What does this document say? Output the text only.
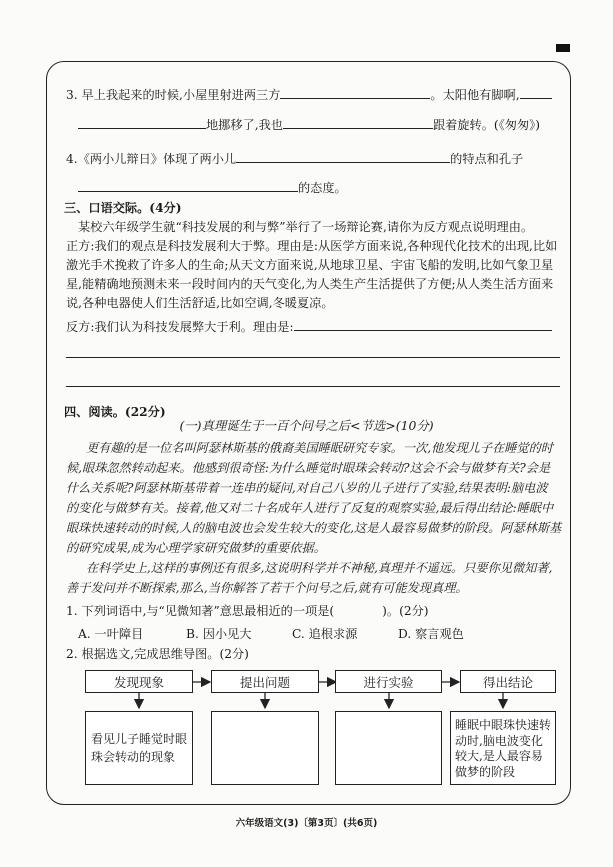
3. 早上我起来的时候,小屋里射进两三方	。太阳他有脚啊,
地挪移了,我也	跟着旋转。(《匆匆》)
4.《两小儿辩日》体现了两小儿	的特点和孔子
的态度。
三、口语交际。(4分)
某校六年级学生就“科技发展的利与弊”举行了一场辩论赛,请你为反方观点说明理由。
正方:我们的观点是科技发展利大于弊。理由是:从医学方面来说,各种现代化技术的出现,比如
激光手术挽救了许多人的生命;从天文方面来说,从地球卫星、宇宙飞船的发明,比如气象卫星
星,能精确地预测未来一段时间内的天气变化,为人类生产生活提供了方便;从人类生活方面来
说,各种电器使人们生活舒适,比如空调,冬暖夏凉。
反方:我们认为科技发展弊大于利。理由是:
四、阅读。(22分)
(一)真理诞生于一百个问号之后<节选>(10分)
更有趣的是一位名叫阿瑟林斯基的俄裔美国睡眠研究专家。一次,他发现儿子在睡觉的时
候,眼珠忽然转动起来。他感到很奇怪:为什么睡觉时眼珠会转动?这会不会与做梦有关?会是
什么关系呢?阿瑟林斯基带着一连串的疑问,对自己八岁的儿子进行了实验,结果表明:脑电波
的变化与做梦有关。接着,他又对二十名成年人进行了反复的观察实验,最后得出结论:睡眠中
眼珠快速转动的时候,人的脑电波也会发生较大的变化,这是人最容易做梦的阶段。阿瑟林斯基
的研究成果,成为心理学家研究做梦的重要依据。
在科学史上,这样的事例还有很多,这说明科学并不神秘,真理并不遥远。只要你见微知著,
善于发问并不断探索,那么,当你解答了若干个问号之后,就有可能发现真理。
1. 下列词语中,与“见微知著”意思最相近的一项是(	)。(2分)
A. 一叶障目	B. 因小见大	C. 追根求源	D. 察言观色
2. 根据选文,完成思维导图。(2分)
发现现象	提出问题	进行实验	得出结论
看见儿子睡觉时眼珠会转动的现象
睡眠中眼珠快速转动时,脑电波变化较大,是人最容易做梦的阶段
六年级语文(3)〔第3页〕(共6页)
